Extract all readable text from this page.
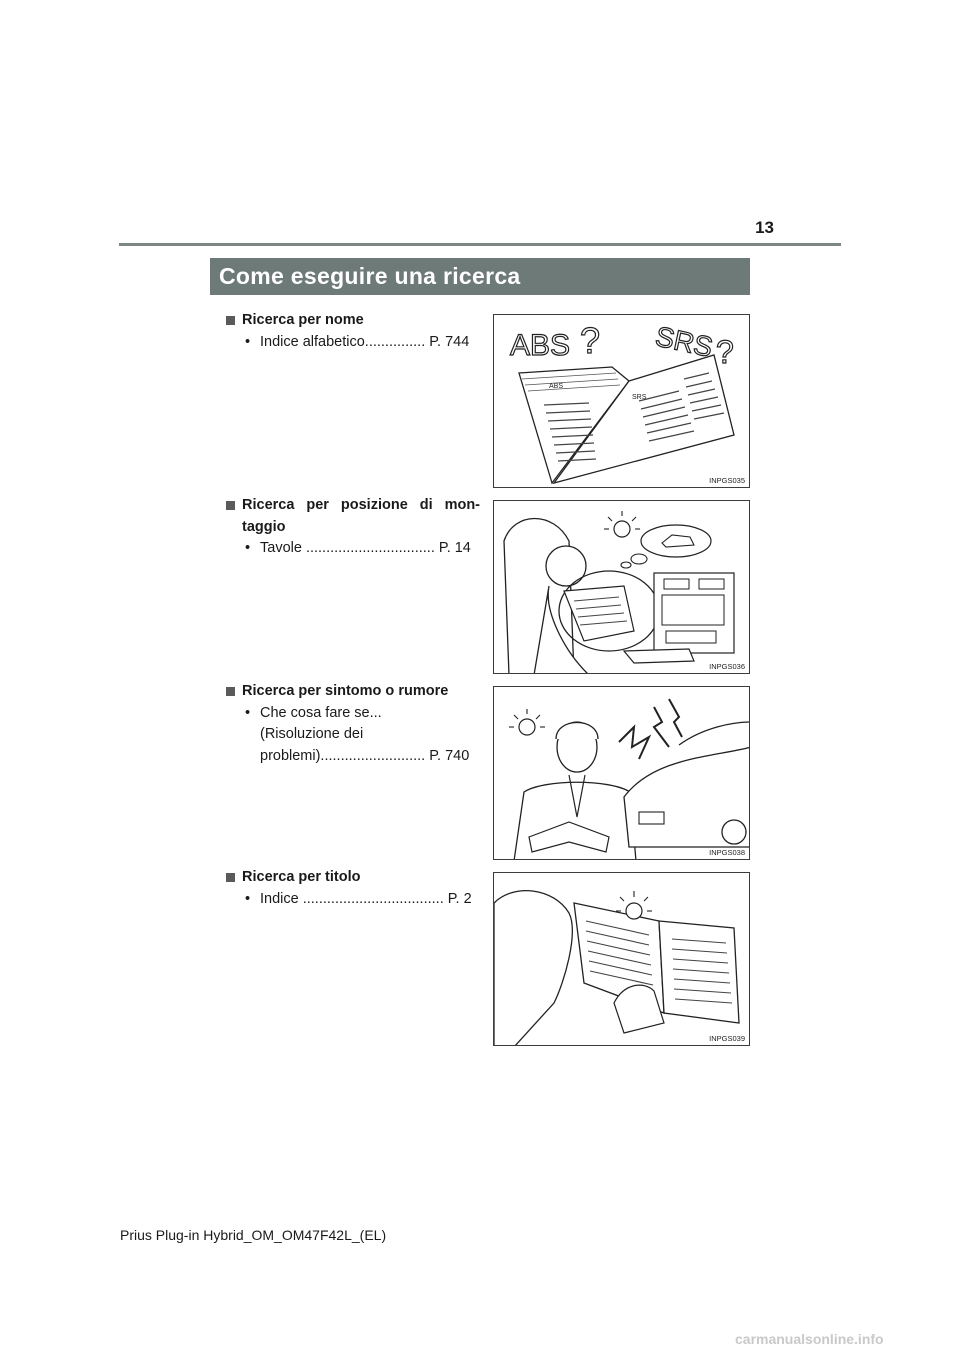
13
Come eseguire una ricerca
Ricerca per nome
• Indice alfabetico............... P. 744
Ricerca per posizione di mon-taggio
• Tavole ................................ P. 14
Ricerca per sintomo o rumore
• Che cosa fare se...
(Risoluzione dei
problemi).......................... P. 740
Ricerca per titolo
• Indice ................................... P. 2
ABS ? SRS ?
ABS
SRS
INPGS035
INPGS036
INPGS038
INPGS039
Prius Plug-in Hybrid_OM_OM47F42L_(EL)
carmanualsonline.info
